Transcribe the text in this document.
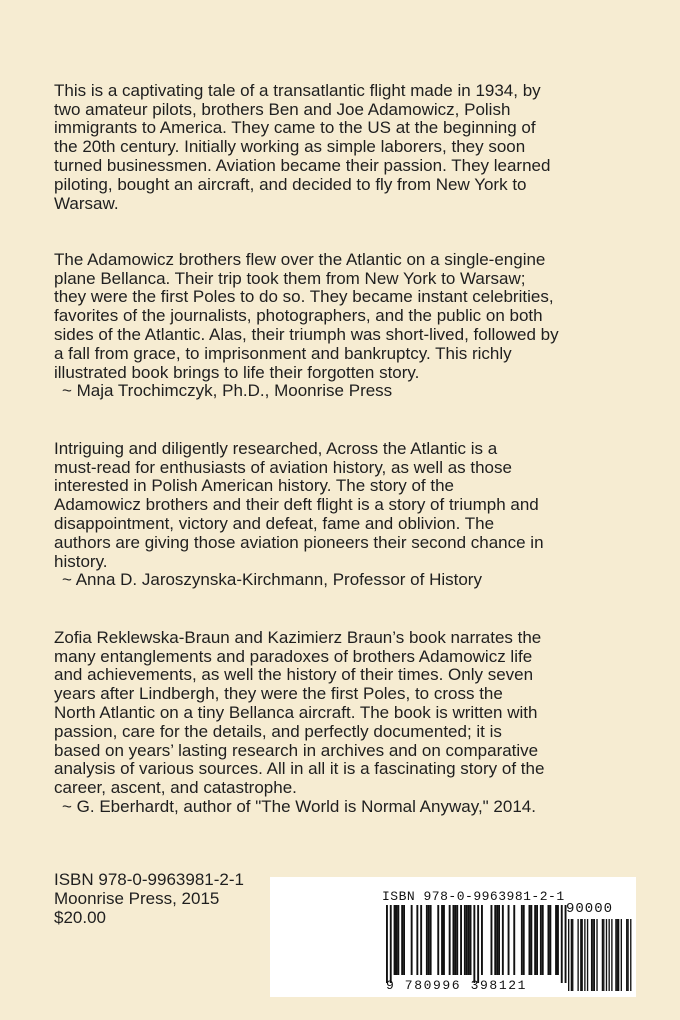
This is a captivating tale of a transatlantic flight made in 1934, by
two amateur pilots, brothers Ben and Joe Adamowicz, Polish
immigrants to America. They came to the US at the beginning of
the 20th century. Initially working as simple laborers, they soon
turned businessmen. Aviation became their passion. They learned
piloting, bought an aircraft, and decided to fly from New York to
Warsaw.

The Adamowicz brothers flew over the Atlantic on a single-engine
plane Bellanca. Their trip took them from New York to Warsaw;
they were the first Poles to do so. They became instant celebrities,
favorites of the journalists, photographers, and the public on both
sides of the Atlantic. Alas, their triumph was short-lived, followed by
a fall from grace, to imprisonment and bankruptcy. This richly
illustrated book brings to life their forgotten story.

~ Maja Trochimczyk, Ph.D., Moonrise Press

Intriguing and diligently researched, Across the Atlantic is a
must-read for enthusiasts of aviation history, as well as those
interested in Polish American history. The story of the
Adamowicz brothers and their deft flight is a story of triumph and
disappointment, victory and defeat, fame and oblivion. The
authors are giving those aviation pioneers their second chance in
history.

~ Anna D. Jaroszynska-Kirchmann, Professor of History

Zofia Reklewska-Braun and Kazimierz Braun’s book narrates the
many entanglements and paradoxes of brothers Adamowicz life
and achievements, as well the history of their times. Only seven
years after Lindbergh, they were the first Poles, to cross the
North Atlantic on a tiny Bellanca aircraft. The book is written with
passion, care for the details, and perfectly documented; it is
based on years’ lasting research in archives and on comparative
analysis of various sources. All in all it is a fascinating story of the
career, ascent, and catastrophe.

~ G. Eberhardt, author of "The World is Normal Anyway," 2014.

ISBN 978-0-9963981-2-1
Moonrise Press, 2015
$20.00
ISBN 978-0-9963981-2-1
90000
9 780996 398121
